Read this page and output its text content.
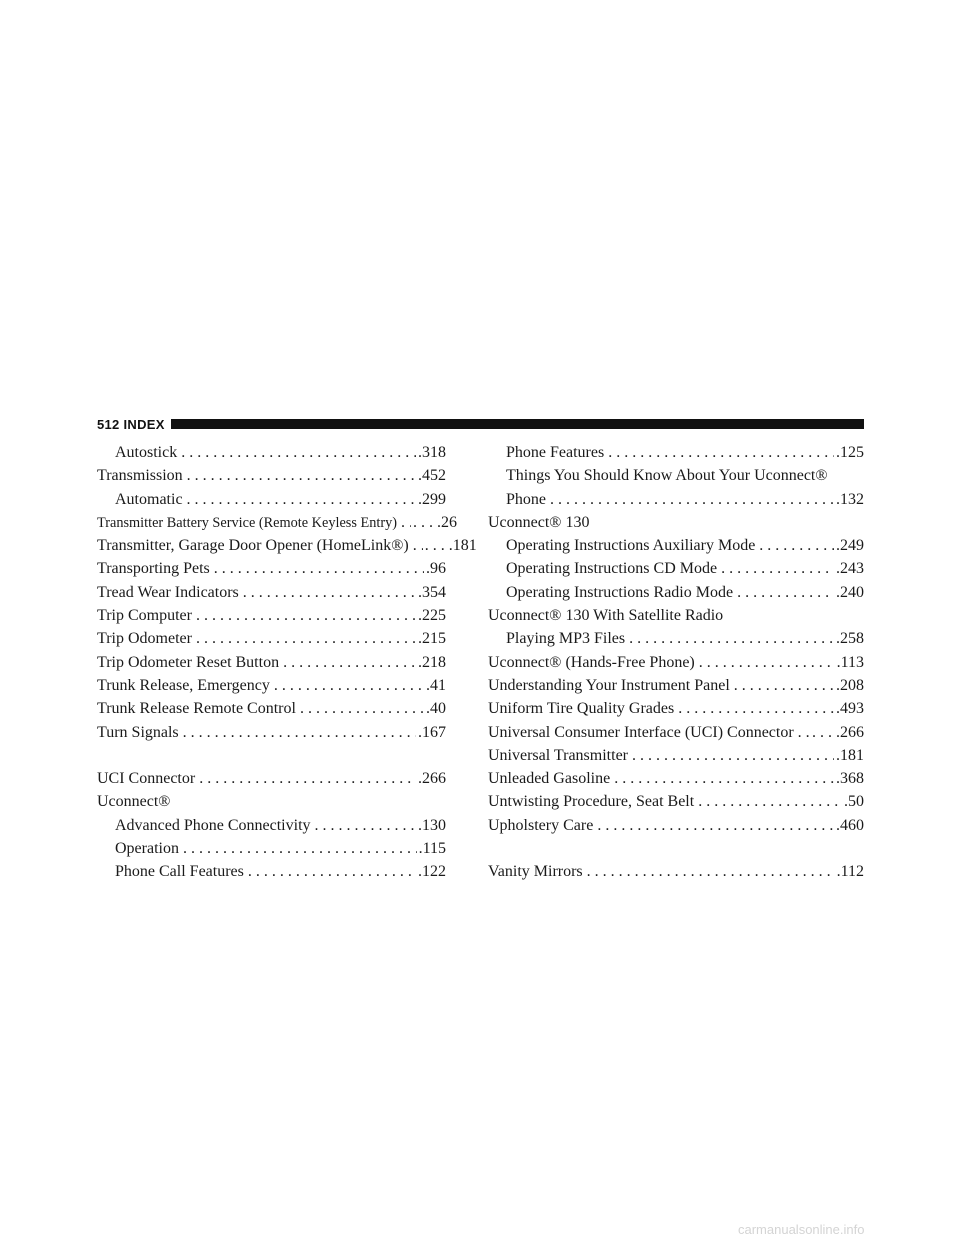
512 INDEX
Autostick . . .	.318
Transmission . . .	.452
Automatic . . .	.299
Transmitter Battery Service (Remote Keyless Entry) . . . . . . .26
Transmitter, Garage Door Opener (HomeLink®) . . . . . . .181
Transporting Pets . . .	.96
Tread Wear Indicators . . .	.354
Trip Computer . . .	.225
Trip Odometer . . .	.215
Trip Odometer Reset Button . . .	.218
Trunk Release, Emergency . . .	.41
Trunk Release Remote Control . . .	.40
Turn Signals . . .	.167
UCI Connector . . .	.266
Uconnect®
Advanced Phone Connectivity . . .	.130
Operation . . .	.115
Phone Call Features . . .	.122
Phone Features . . .	.125
Things You Should Know About Your Uconnect®
Phone . . .	.132
Uconnect® 130
Operating Instructions Auxiliary Mode . . .	.249
Operating Instructions CD Mode . . .	.243
Operating Instructions Radio Mode . . .	.240
Uconnect® 130 With Satellite Radio
Playing MP3 Files . . .	.258
Uconnect® (Hands-Free Phone) . . .	.113
Understanding Your Instrument Panel . . .	.208
Uniform Tire Quality Grades . . .	.493
Universal Consumer Interface (UCI) Connector . . . . . . .266
Universal Transmitter . . .	.181
Unleaded Gasoline . . .	.368
Untwisting Procedure, Seat Belt . . .	.50
Upholstery Care . . .	.460
Vanity Mirrors . . .	.112
carmanualsonline.info
